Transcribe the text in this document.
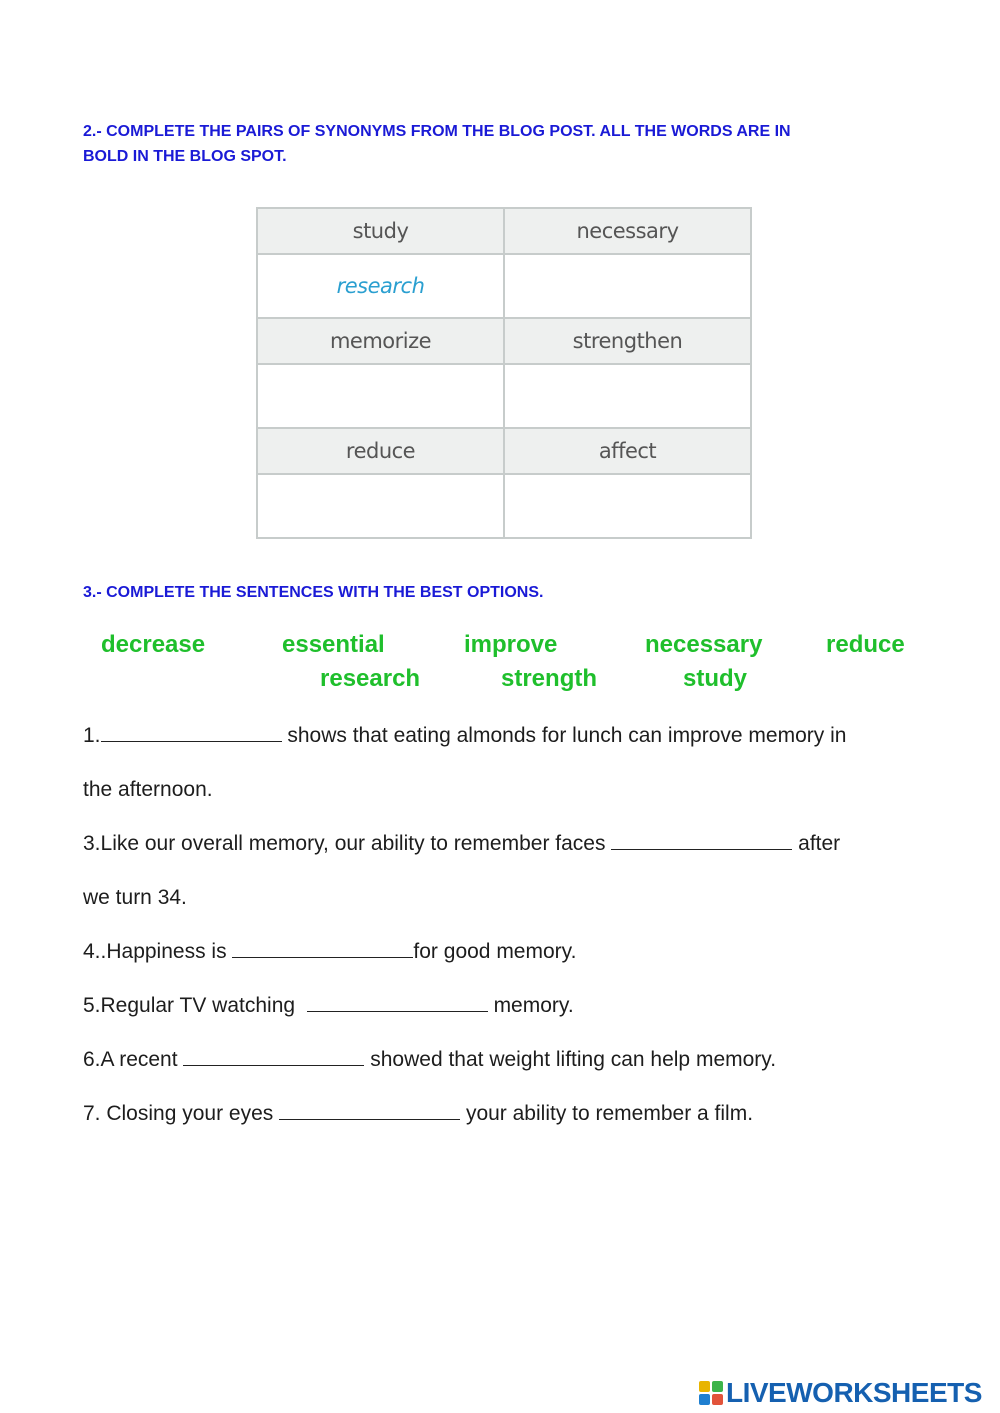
2.- COMPLETE THE PAIRS OF SYNONYMS FROM THE BLOG POST. ALL THE WORDS ARE IN
BOLD IN THE BLOG SPOT.
study	necessary
research	
memorize	strengthen

reduce	affect

3.- COMPLETE THE SENTENCES WITH THE BEST OPTIONS.
decrease	essential	improve	necessary	reduce
research	strength	study
1.	shows that eating almonds for lunch can improve memory in
the afternoon.
3.Like our overall memory, our ability to remember faces	after
we turn 34.
4..Happiness is	for good memory.
5.Regular TV watching	memory.
6.A recent	showed that weight lifting can help memory.
7. Closing your eyes	your ability to remember a film.
LIVEWORKSHEETS
